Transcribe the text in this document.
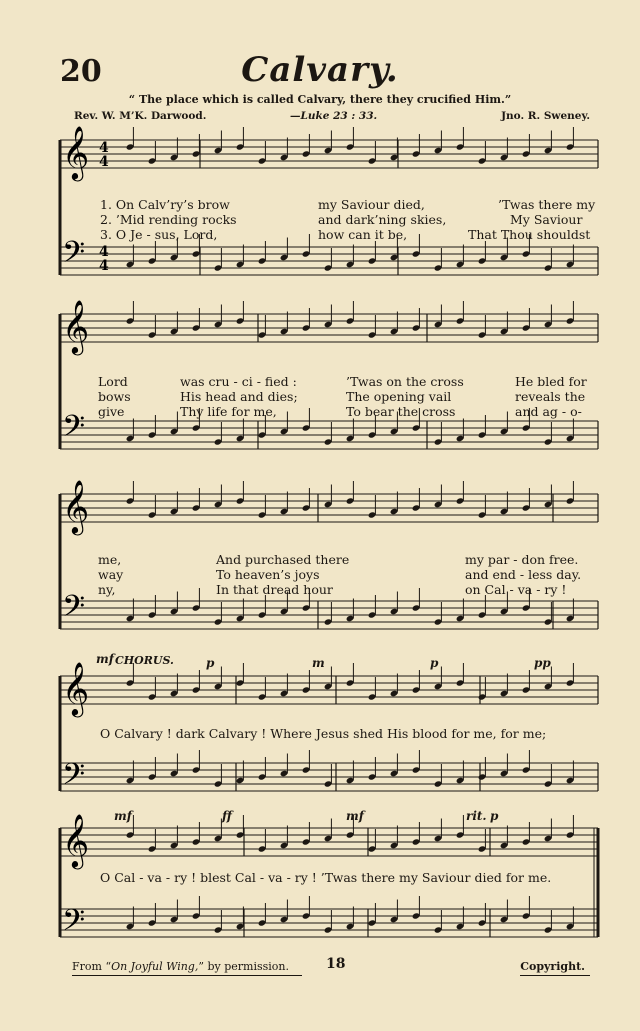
20	Calvary.
“ The place which is called Calvary, there they crucified Him.”
Rev. W. M’K. Darwood.	—Luke 23 : 33.	Jno. R. Sweney.
𝄞
𝄢
𝄞
𝄢
𝄞
𝄢
𝄞
𝄢
𝄞
𝄢
4
4
4
4
1. On Calv’ry’s brow	my Saviour died,	’Twas there my
2. ’Mid rending rocks	and dark’ning skies,	My Saviour
3. O Je - sus, Lord,	how can it be,	That Thou shouldst
Lord	was cru - ci - fied :	’Twas on the cross	He bled for
bows	His head and dies;	The opening vail	reveals the
give	Thy life for me,	To bear the cross	and ag - o-
me,	And purchased there	my par - don free.
way	To heaven’s joys	and end - less day.
ny,	In that dread hour	on Cal - va - ry !
mf CHORUS.	p	m	p	pp
O Calvary ! dark Calvary ! Where Jesus shed His blood for me, for me;
mf	ff	mf	rit. p
O Cal - va - ry ! blest Cal - va - ry ! ’Twas there my Saviour died for me.
From “On Joyful Wing,” by permission.	18	Copyright.
